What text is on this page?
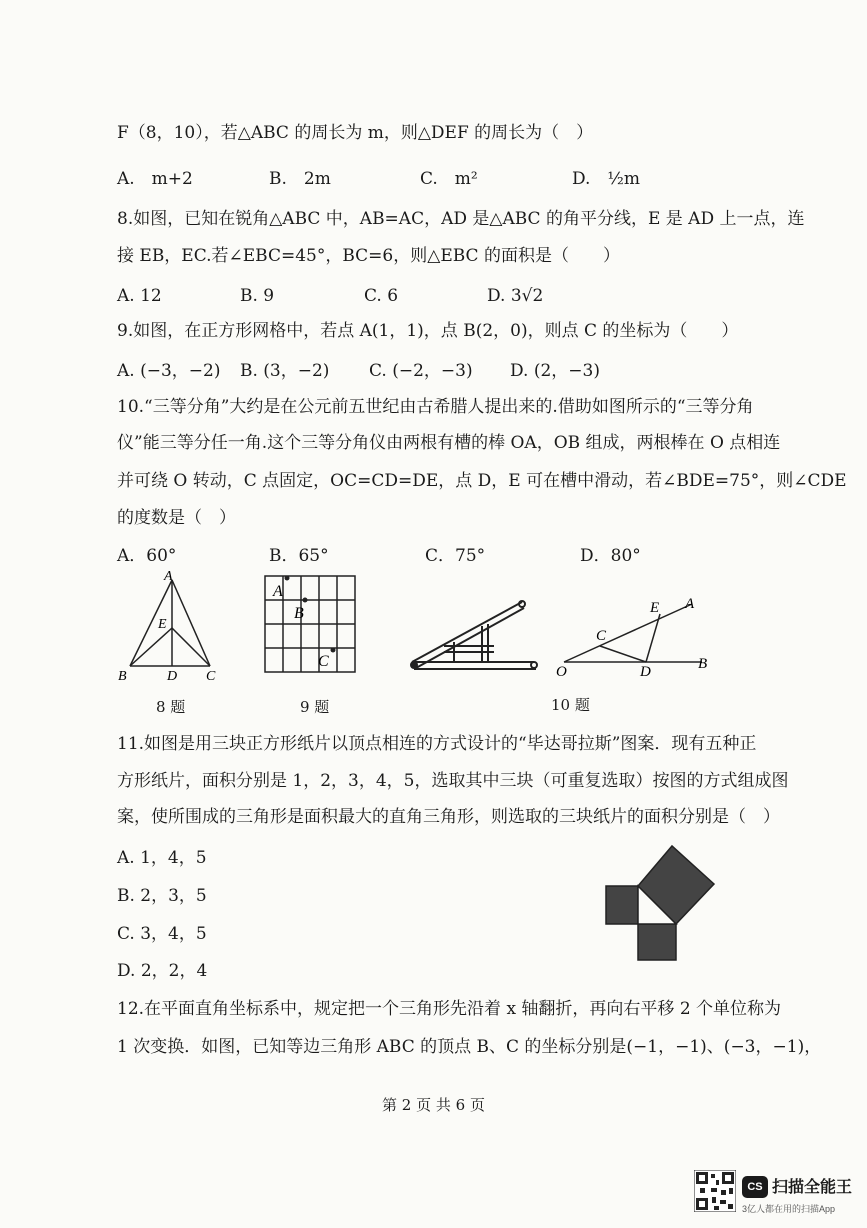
F（8，10），若△ABC 的周长为 m，则△DEF 的周长为（　）
A.　m+2	B.　2m	C.　m²	D.　½m
8.如图，已知在锐角△ABC 中，AB=AC，AD 是△ABC 的角平分线，E 是 AD 上一点，连
接 EB，EC.若∠EBC=45°，BC=6，则△EBC 的面积是（　　）
A. 12	B. 9	C. 6	D. 3√2
9.如图，在正方形网格中，若点 A(1，1)，点 B(2，0)，则点 C 的坐标为（　　）
A. (−3，−2) B. (3，−2) C. (−2，−3) D. (2，−3)
10.“三等分角”大约是在公元前五世纪由古希腊人提出来的.借助如图所示的“三等分角
仪”能三等分任一角.这个三等分角仪由两根有槽的棒 OA，OB 组成，两根棒在 O 点相连
并可绕 O 转动，C 点固定，OC=CD=DE，点 D，E 可在槽中滑动，若∠BDE=75°，则∠CDE
的度数是（　）
A．60°	B．65°	C．75°	D．80°
A
E
B	D C
8 题
A
B
C
9 题
E A
C
O	D	B
10 题
11.如图是用三块正方形纸片以顶点相连的方式设计的“毕达哥拉斯”图案．现有五种正
方形纸片，面积分别是 1，2，3，4，5，选取其中三块（可重复选取）按图的方式组成图
案，使所围成的三角形是面积最大的直角三角形，则选取的三块纸片的面积分别是（　）
A. 1，4，5
B. 2，3，5
C. 3，4，5
D. 2，2，4
12.在平面直角坐标系中，规定把一个三角形先沿着 x 轴翻折，再向右平移 2 个单位称为
1 次变换．如图，已知等边三角形 ABC 的顶点 B、C 的坐标分别是(−1，−1)、(−3，−1)，
第 2 页 共 6 页
CS 扫描全能王
3亿人都在用的扫描App
